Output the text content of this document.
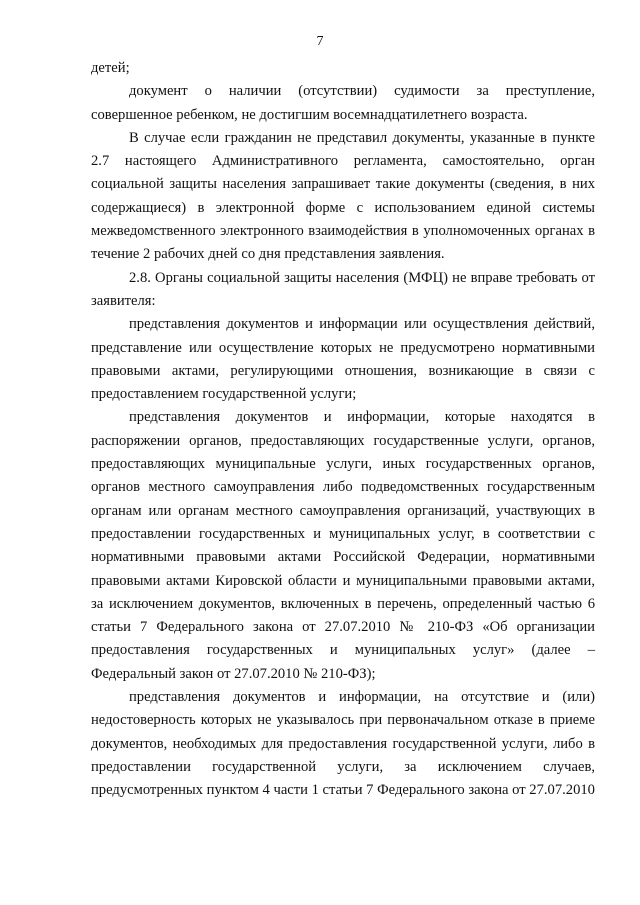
7

детей;

документ о наличии (отсутствии) судимости за преступление, совершенное ребенком, не достигшим восемнадцатилетнего возраста.

В случае если гражданин не представил документы, указанные в пункте 2.7 настоящего Административного регламента, самостоятельно, орган социальной защиты населения запрашивает такие документы (сведения, в них содержащиеся) в электронной форме с использованием единой системы межведомственного электронного взаимодействия в уполномоченных органах в течение 2 рабочих дней со дня представления заявления.

2.8. Органы социальной защиты населения (МФЦ) не вправе требовать от заявителя:

представления документов и информации или осуществления действий, представление или осуществление которых не предусмотрено нормативными правовыми актами, регулирующими отношения, возникающие в связи с предоставлением государственной услуги;

представления документов и информации, которые находятся в распоряжении органов, предоставляющих государственные услуги, органов, предоставляющих муниципальные услуги, иных государственных органов, органов местного самоуправления либо подведомственных государственным органам или органам местного самоуправления организаций, участвующих в предоставлении государственных и муниципальных услуг, в соответствии с нормативными правовыми актами Российской Федерации, нормативными правовыми актами Кировской области и муниципальными правовыми актами, за исключением документов, включенных в перечень, определенный частью 6 статьи 7 Федерального закона от 27.07.2010 № 210-ФЗ «Об организации предоставления государственных и муниципальных услуг» (далее – Федеральный закон от 27.07.2010 № 210-ФЗ);

представления документов и информации, на отсутствие и (или) недостоверность которых не указывалось при первоначальном отказе в приеме документов, необходимых для предоставления государственной услуги, либо в предоставлении государственной услуги, за исключением случаев, предусмотренных пунктом 4 части 1 статьи 7 Федерального закона от 27.07.2010
